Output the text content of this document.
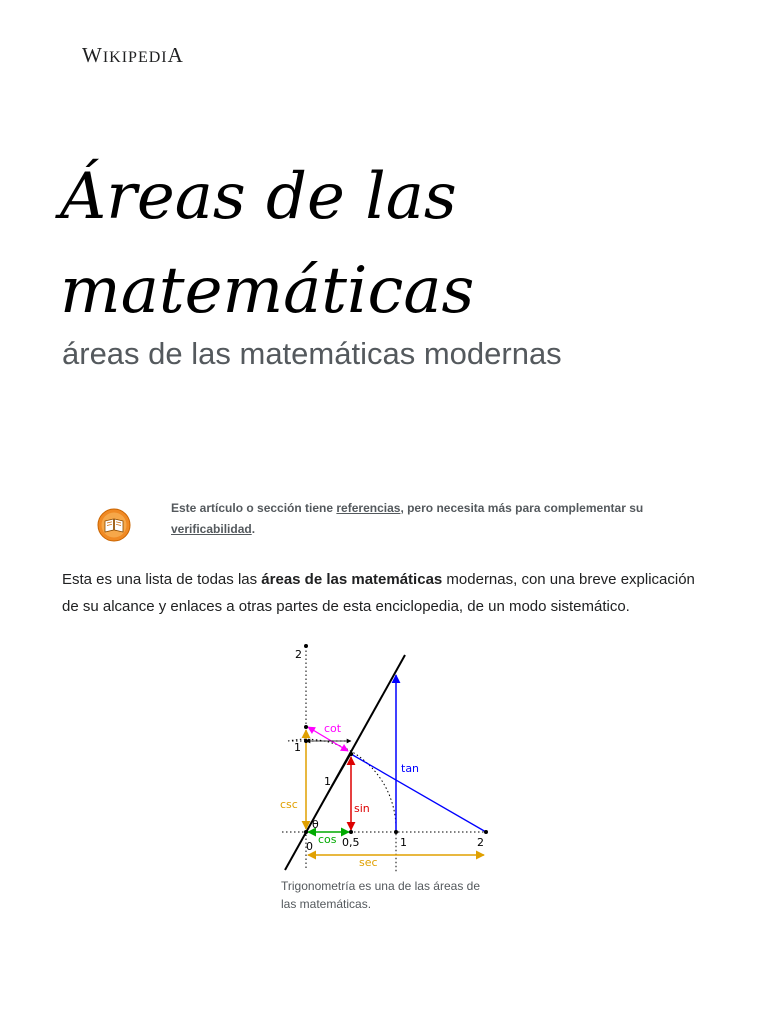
WIKIPEDIA
Áreas de las matemáticas
áreas de las matemáticas modernas
Este artículo o sección tiene referencias, pero necesita más para complementar su verificabilidad.

Esta es una lista de todas las áreas de las matemáticas modernas, con una breve explicación de su alcance y enlaces a otras partes de esta enciclopedia, de un modo sistemático.

2
1
0	0,5	1	2
1
θ
cot
tan
sin
cos
csc
sec

Trigonometría es una de las áreas de las matemáticas.
